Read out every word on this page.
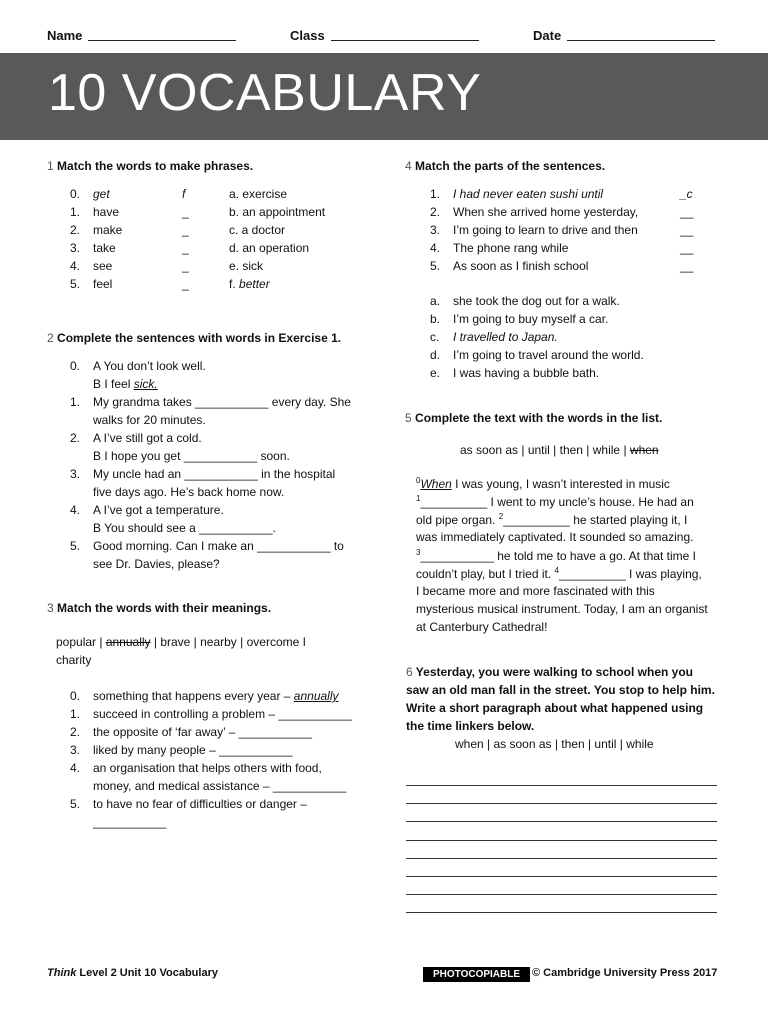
Name	Class	Date
10 VOCABULARY
1 Match the words to make phrases.
0. get	f	a. exercise
1. have	_	b. an appointment
2. make	_	c. a doctor
3. take	_	d. an operation
4. see	_	e. sick
5. feel	_	f. better
2 Complete the sentences with words in Exercise 1.
0. A You don’t look well.
B I feel sick.
1. My grandma takes ___________ every day. She
walks for 20 minutes.
2. A I’ve still got a cold.
B I hope you get ___________ soon.
3. My uncle had an ___________ in the hospital
five days ago. He’s back home now.
4. A I’ve got a temperature.
B You should see a ___________.
5. Good morning. Can I make an ___________ to
see Dr. Davies, please?
3 Match the words with their meanings.
popular | annually | brave | nearby | overcome I
charity
0. something that happens every year – annually
1. succeed in controlling a problem – ___________
2. the opposite of ‘far away’ – ___________
3. liked by many people – ___________
4. an organisation that helps others with food,
money, and medical assistance – ___________
5. to have no fear of difficulties or danger –
___________
4 Match the parts of the sentences.
1. I had never eaten sushi until	_c
2. When she arrived home yesterday,	__
3. I’m going to learn to drive and then	__
4. The phone rang while	__
5. As soon as I finish school	__
a. she took the dog out for a walk.
b. I’m going to buy myself a car.
c. I travelled to Japan.
d. I’m going to travel around the world.
e. I was having a bubble bath.
5 Complete the text with the words in the list.
as soon as | until | then | while | when
$^0$When I was young, I wasn’t interested in music
$^1$__________ I went to my uncle’s house. He had an
old pipe organ. $^2$__________ he started playing it, I
was immediately captivated. It sounded so amazing.
$^3$___________ he told me to have a go. At that time I
couldn’t play, but I tried it. $^4$__________ I was playing,
I became more and more fascinated with this
mysterious musical instrument. Today, I am an organist
at Canterbury Cathedral!
6 Yesterday, you were walking to school when you
saw an old man fall in the street. You stop to help him.
Write a short paragraph about what happened using
the time linkers below.
when | as soon as | then | until | while
Think Level 2 Unit 10 Vocabulary	PHOTOCOPIABLE	© Cambridge University Press 2017
